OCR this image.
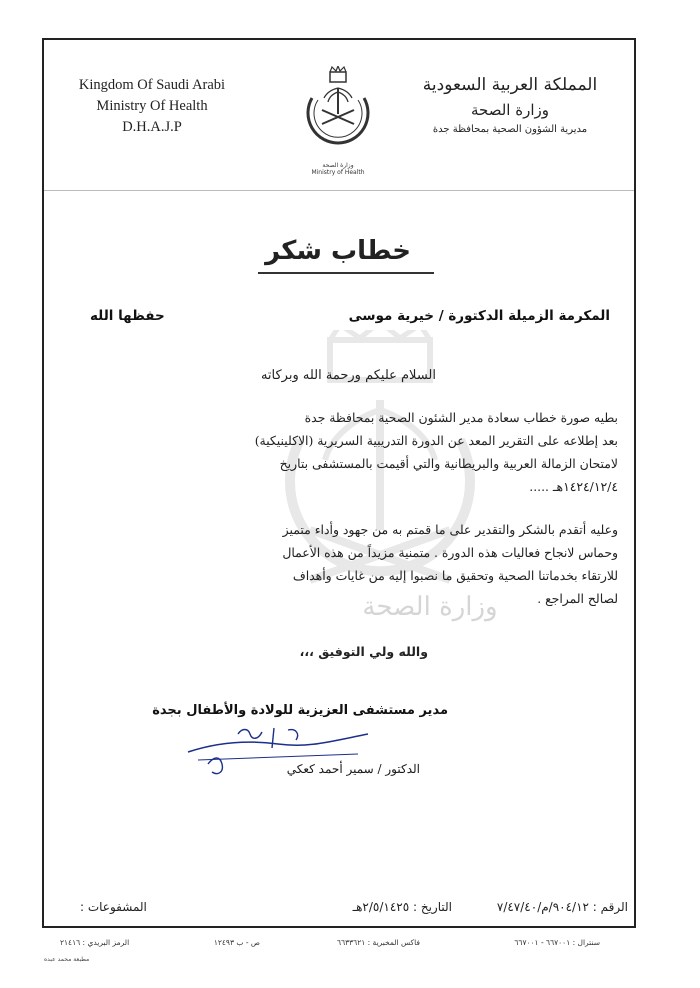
Kingdom Of Saudi Arabi
Ministry Of Health
D.H.A.J.P
وزارة الصحة
Ministry of Health
المملكة العربية السعودية
وزارة الصحة
مديرية الشؤون الصحية بمحافظة جدة
وزارة الصحة
خطاب شكر
المكرمة الزميلة الدكتورة / خيرية موسى
حفظها الله
السلام عليكم ورحمة الله وبركاته
بطيه صورة خطاب سعادة مدير الشئون الصحية بمحافظة جدة
بعد إطلاعه على التقرير المعد عن الدورة التدريبية السريرية (الاكلينيكية)
لامتحان الزمالة العربية والبريطانية والتي أقيمت بالمستشفى بتاريخ
١٤٢٤/١٢/٤هـ .....
وعليه أتقدم بالشكر والتقدير على ما قمتم به من جهود وأداء متميز
وحماس لانجاح فعاليات هذه الدورة . متمنية مزيداً من هذه الأعمال
للارتقاء بخدماتنا الصحية وتحقيق ما نصبوا إليه من غايات وأهداف
لصالح المراجع .
والله ولي التوفيق ،،،
مدير مستشفى العزيزية للولادة والأطفال بجدة
الدكتور / سمير أحمد كعكي
الرقم : ٩٠٤/١٢/م/٧/٤٧/٤٠
التاريخ : ٢/٥/١٤٢٥هـ
المشفوعات :
سنترال : ٦٦٧٠٠١ - ٦٦٧٠٠١
فاكس المخبرية : ٦٦٣٣٦٢١
ص - ب ١٢٤٩٣
الرمز البريدي : ٢١٤١٦
مطبعة محمد عبده
